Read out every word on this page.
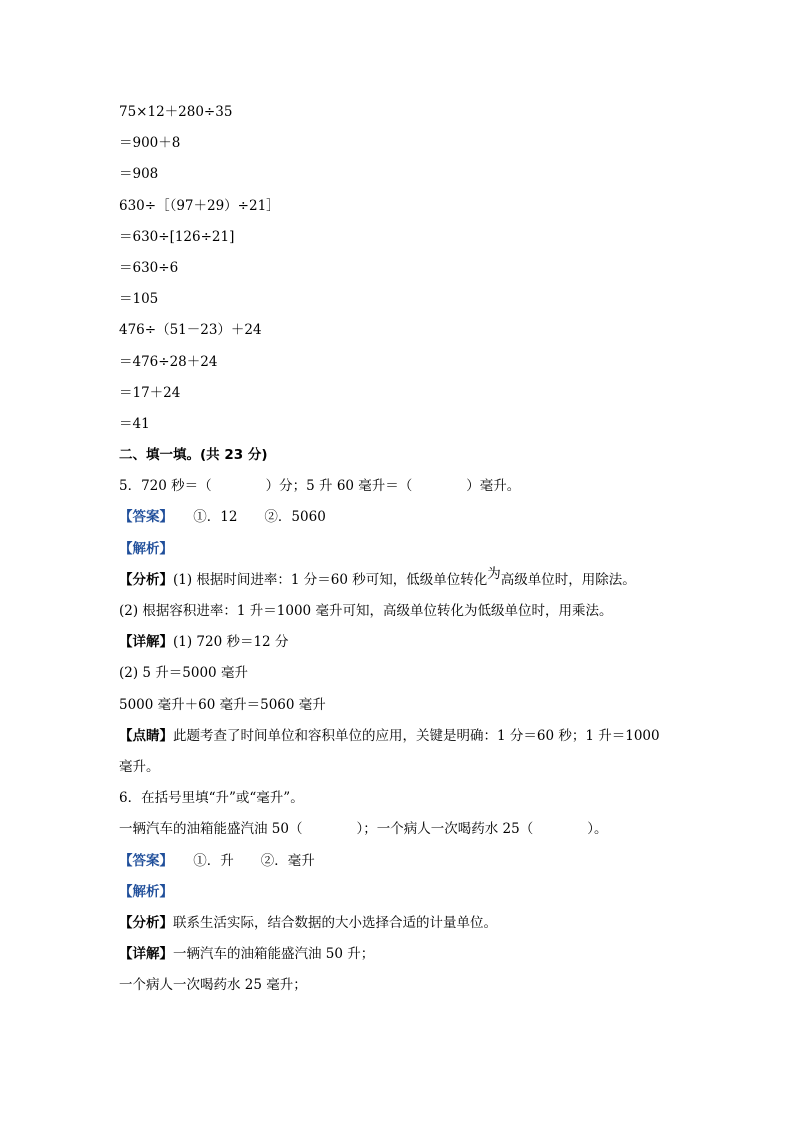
75×12＋280÷35
＝900＋8
＝908
630÷［（97＋29）÷21］
＝630÷[126÷21]
＝630÷6
＝105
476÷（51－23）＋24
＝476÷28＋24
＝17＋24
＝41
二、填一填。(共 23 分)
5．720 秒＝（　　　　）分；5 升 60 毫升＝（　　　　）毫升。
【答案】　　①．12　　②．5060
【解析】
【分析】(1) 根据时间进率：1 分＝60 秒可知，低级单位转化为高级单位时，用除法。
(2) 根据容积进率：1 升＝1000 毫升可知，高级单位转化为低级单位时，用乘法。
【详解】(1) 720 秒＝12 分
(2) 5 升＝5000 毫升
5000 毫升＋60 毫升＝5060 毫升
【点睛】此题考查了时间单位和容积单位的应用，关键是明确：1 分＝60 秒；1 升＝1000
毫升。
6．在括号里填“升”或“毫升”。
一辆汽车的油箱能盛汽油 50（　　　　）；一个病人一次喝药水 25（　　　　）。
【答案】　　①．升　　②．毫升
【解析】
【分析】联系生活实际，结合数据的大小选择合适的计量单位。
【详解】一辆汽车的油箱能盛汽油 50 升；
一个病人一次喝药水 25 毫升；
